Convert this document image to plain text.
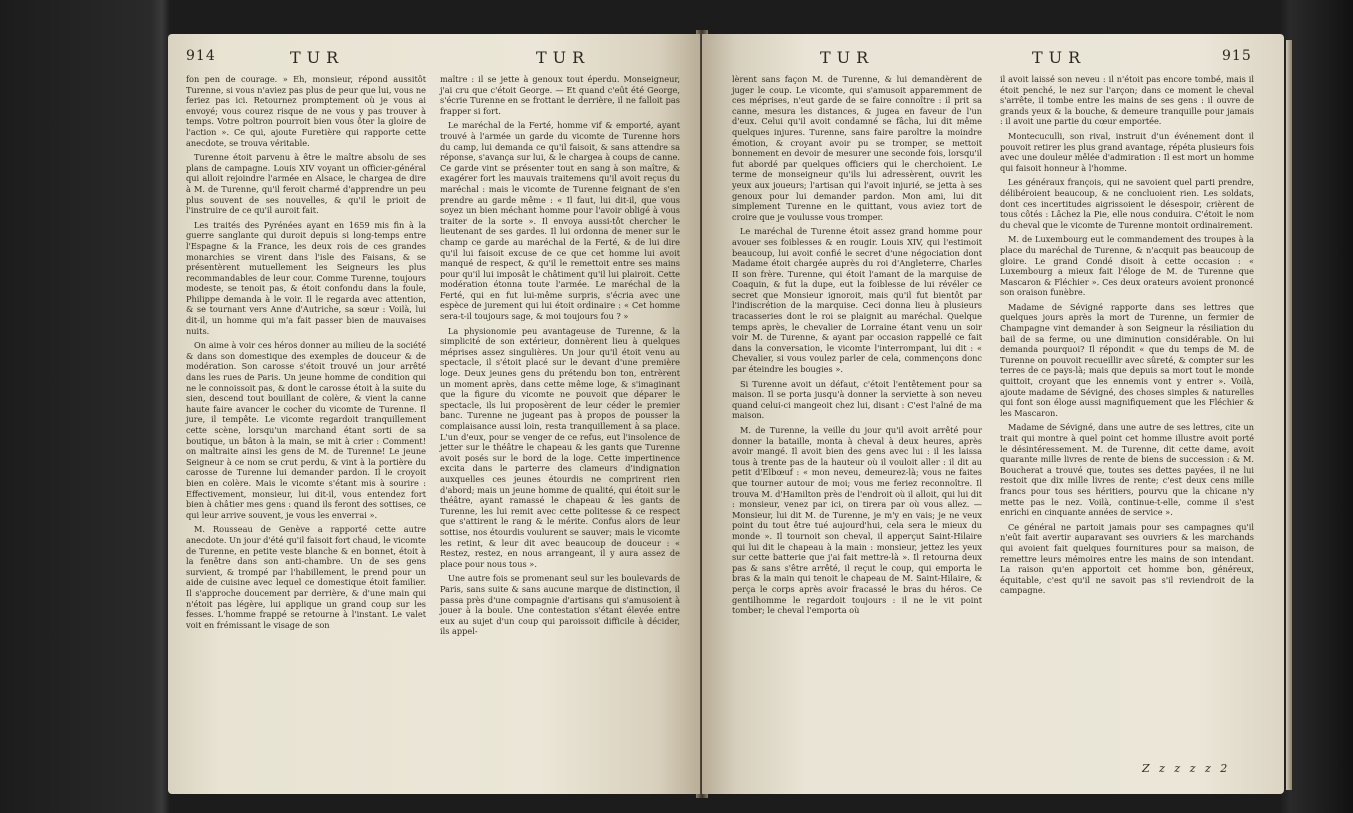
914	TUR	TUR

fon pen de courage. » Eh, monsieur, répond aussitôt Turenne, si vous n'aviez pas plus de peur que lui, vous ne feriez pas ici. Retournez promptement où je vous ai envoyé; vous courez risque de ne vous y pas trouver à temps. Votre poltron pourroit bien vous ôter la gloire de l'action ». Ce qui, ajoute Furetière qui rapporte cette anecdote, se trouva véritable.

Turenne étoit parvenu à être le maître absolu de ses plans de campagne. Louis XIV voyant un officier-général qui alloit rejoindre l'armée en Alsace, le chargea de dire à M. de Turenne, qu'il feroit charmé d'apprendre un peu plus souvent de ses nouvelles, & qu'il le prioit de l'instruire de ce qu'il auroit fait.

Les traités des Pyrénées ayant en 1659 mis fin à la guerre sanglante qui duroit depuis si long-temps entre l'Espagne & la France, les deux rois de ces grandes monarchies se virent dans l'isle des Faisans, & se présentèrent mutuellement les Seigneurs les plus recommandables de leur cour. Comme Turenne, toujours modeste, se tenoit pas, & étoit confondu dans la foule, Philippe demanda à le voir. Il le regarda avec attention, & se tournant vers Anne d'Autriche, sa sœur : Voilà, lui dit-il, un homme qui m'a fait passer bien de mauvaises nuits.

On aime à voir ces héros donner au milieu de la société & dans son domestique des exemples de douceur & de modération. Son carosse s'étoit trouvé un jour arrêté dans les rues de Paris. Un jeune homme de condition qui ne le connoissoit pas, & dont le carosse étoit à la suite du sien, descend tout bouillant de colère, & vient la canne haute faire avancer le cocher du vicomte de Turenne. Il jure, il tempête. Le vicomte regardoit tranquillement cette scène, lorsqu'un marchand étant sorti de sa boutique, un bâton à la main, se mit à crier : Comment! on maltraite ainsi les gens de M. de Turenne! Le jeune Seigneur à ce nom se crut perdu, & vint à la portière du carosse de Turenne lui demander pardon. Il le croyoit bien en colère. Mais le vicomte s'étant mis à sourire : Effectivement, monsieur, lui dit-il, vous entendez fort bien à châtier mes gens : quand ils feront des sottises, ce qui leur arrive souvent, je vous les enverrai ».

M. Rousseau de Genève a rapporté cette autre anecdote. Un jour d'été qu'il faisoit fort chaud, le vicomte de Turenne, en petite veste blanche & en bonnet, étoit à la fenêtre dans son anti-chambre. Un de ses gens survient, & trompé par l'habillement, le prend pour un aide de cuisine avec lequel ce domestique étoit familier. Il s'approche doucement par derrière, & d'une main qui n'étoit pas légère, lui applique un grand coup sur les fesses. L'homme frappé se retourne à l'instant. Le valet voit en frémissant le visage de son

maître : il se jette à genoux tout éperdu. Monseigneur, j'ai cru que c'étoit George. — Et quand c'eût été George, s'écrie Turenne en se frottant le derrière, il ne falloit pas frapper si fort.

Le maréchal de la Ferté, homme vif & emporté, ayant trouvé à l'armée un garde du vicomte de Turenne hors du camp, lui demanda ce qu'il faisoit, & sans attendre sa réponse, s'avança sur lui, & le chargea à coups de canne. Ce garde vint se présenter tout en sang à son maître, & exagérer fort les mauvais traitemens qu'il avoit reçus du maréchal : mais le vicomte de Turenne feignant de s'en prendre au garde même : « Il faut, lui dit-il, que vous soyez un bien méchant homme pour l'avoir obligé à vous traiter de la sorte ». Il envoya aussi-tôt chercher le lieutenant de ses gardes. Il lui ordonna de mener sur le champ ce garde au maréchal de la Ferté, & de lui dire qu'il lui faisoit excuse de ce que cet homme lui avoit manqué de respect, & qu'il le remettoit entre ses mains pour qu'il lui imposât le châtiment qu'il lui plairoit. Cette modération étonna toute l'armée. Le maréchal de la Ferté, qui en fut lui-même surpris, s'écria avec une espèce de jurement qui lui étoit ordinaire : « Cet homme sera-t-il toujours sage, & moi toujours fou ? »

La physionomie peu avantageuse de Turenne, & la simplicité de son extérieur, donnèrent lieu à quelques méprises assez singulières. Un jour qu'il étoit venu au spectacle, il s'étoit placé sur le devant d'une première loge. Deux jeunes gens du prétendu bon ton, entrèrent un moment après, dans cette même loge, & s'imaginant que la figure du vicomte ne pouvoit que déparer le spectacle, ils lui proposèrent de leur céder le premier banc. Turenne ne jugeant pas à propos de pousser la complaisance aussi loin, resta tranquillement à sa place. L'un d'eux, pour se venger de ce refus, eut l'insolence de jetter sur le théâtre le chapeau & les gants que Turenne avoit posés sur le bord de la loge. Cette impertinence excita dans le parterre des clameurs d'indignation auxquelles ces jeunes étourdis ne comprirent rien d'abord; mais un jeune homme de qualité, qui étoit sur le théâtre, ayant ramassé le chapeau & les gants de Turenne, les lui remit avec cette politesse & ce respect que s'attirent le rang & le mérite. Confus alors de leur sottise, nos étourdis voulurent se sauver; mais le vicomte les retint, & leur dit avec beaucoup de douceur : « Restez, restez, en nous arrangeant, il y aura assez de place pour nous tous ».

Une autre fois se promenant seul sur les boulevards de Paris, sans suite & sans aucune marque de distinction, il passa près d'une compagnie d'artisans qui s'amusoient à jouer à la boule. Une contestation s'étant élevée entre eux au sujet d'un coup qui paroissoit difficile à décider, ils appel-

TUR	TUR	915

lèrent sans façon M. de Turenne, & lui demandèrent de juger le coup. Le vicomte, qui s'amusoit apparemment de ces méprises, n'eut garde de se faire connoître : il prit sa canne, mesura les distances, & jugea en faveur de l'un d'eux. Celui qu'il avoit condamné se fâcha, lui dit même quelques injures. Turenne, sans faire paroître la moindre émotion, & croyant avoir pu se tromper, se mettoit bonnement en devoir de mesurer une seconde fois, lorsqu'il fut abordé par quelques officiers qui le cherchoient. Le terme de monseigneur qu'ils lui adressèrent, ouvrit les yeux aux joueurs; l'artisan qui l'avoit injurié, se jetta à ses genoux pour lui demander pardon. Mon ami, lui dit simplement Turenne en le quittant, vous aviez tort de croire que je voulusse vous tromper.

Le maréchal de Turenne étoit assez grand homme pour avouer ses foiblesses & en rougir. Louis XIV, qui l'estimoit beaucoup, lui avoit confié le secret d'une négociation dont Madame étoit chargée auprès du roi d'Angleterre, Charles II son frère. Turenne, qui étoit l'amant de la marquise de Coaquin, & fut la dupe, eut la foiblesse de lui révéler ce secret que Monsieur ignoroit, mais qu'il fut bientôt par l'indiscrétion de la marquise. Ceci donna lieu à plusieurs tracasseries dont le roi se plaignit au maréchal. Quelque temps après, le chevalier de Lorraine étant venu un soir voir M. de Turenne, & ayant par occasion rappellé ce fait dans la conversation, le vicomte l'interrompant, lui dit : « Chevalier, si vous voulez parler de cela, commençons donc par éteindre les bougies ».

Si Turenne avoit un défaut, c'étoit l'entêtement pour sa maison. Il se porta jusqu'à donner la serviette à son neveu quand celui-ci mangeoit chez lui, disant : C'est l'aîné de ma maison.

M. de Turenne, la veille du jour qu'il avoit arrêté pour donner la bataille, monta à cheval à deux heures, après avoir mangé. Il avoit bien des gens avec lui : il les laissa tous à trente pas de la hauteur où il vouloit aller : il dit au petit d'Elbœuf : « mon neveu, demeurez-là; vous ne faites que tourner autour de moi; vous me feriez reconnoître. Il trouva M. d'Hamilton près de l'endroit où il alloit, qui lui dit : monsieur, venez par ici, on tirera par où vous allez. — Monsieur, lui dit M. de Turenne, je m'y en vais; je ne veux point du tout être tué aujourd'hui, cela sera le mieux du monde ». Il tournoit son cheval, il apperçut Saint-Hilaire qui lui dit le chapeau à la main : monsieur, jettez les yeux sur cette batterie que j'ai fait mettre-là ». Il retourna deux pas & sans s'être arrêté, il reçut le coup, qui emporta le bras & la main qui tenoit le chapeau de M. Saint-Hilaire, & perça le corps après avoir fracassé le bras du héros. Ce gentilhomme le regardoit toujours : il ne le vit point tomber; le cheval l'emporta où

il avoit laissé son neveu : il n'étoit pas encore tombé, mais il étoit penché, le nez sur l'arçon; dans ce moment le cheval s'arrête, il tombe entre les mains de ses gens : il ouvre de grands yeux & la bouche, & demeure tranquille pour jamais : il avoit une partie du cœur emportée.

Montecuculli, son rival, instruit d'un événement dont il pouvoit retirer les plus grand avantage, répéta plusieurs fois avec une douleur mêlée d'admiration : Il est mort un homme qui faisoit honneur à l'homme.

Les généraux françois, qui ne savoient quel parti prendre, délibéroient beaucoup, & ne concluoient rien. Les soldats, dont ces incertitudes aigrissoient le désespoir, crièrent de tous côtés : Lâchez la Pie, elle nous conduira. C'étoit le nom du cheval que le vicomte de Turenne montoit ordinairement.

M. de Luxembourg eut le commandement des troupes à la place du maréchal de Turenne, & n'acquit pas beaucoup de gloire. Le grand Condé disoit à cette occasion : « Luxembourg a mieux fait l'éloge de M. de Turenne que Mascaron & Fléchier ». Ces deux orateurs avoient prononcé son oraison funèbre.

Madame de Sévigné rapporte dans ses lettres que quelques jours après la mort de Turenne, un fermier de Champagne vint demander à son Seigneur la résiliation du bail de sa ferme, ou une diminution considérable. On lui demanda pourquoi? Il répondit « que du temps de M. de Turenne on pouvoit recueillir avec sûreté, & compter sur les terres de ce pays-là; mais que depuis sa mort tout le monde quittoit, croyant que les ennemis vont y entrer ». Voilà, ajoute madame de Sévigné, des choses simples & naturelles qui font son éloge aussi magnifiquement que les Fléchier & les Mascaron.

Madame de Sévigné, dans une autre de ses lettres, cite un trait qui montre à quel point cet homme illustre avoit porté le désintéressement. M. de Turenne, dit cette dame, avoit quarante mille livres de rente de biens de succession : & M. Boucherat a trouvé que, toutes ses dettes payées, il ne lui restoit que dix mille livres de rente; c'est deux cens mille francs pour tous ses héritiers, pourvu que la chicane n'y mette pas le nez. Voilà, continue-t-elle, comme il s'est enrichi en cinquante années de service ».

Ce général ne partoit jamais pour ses campagnes qu'il n'eût fait avertir auparavant ses ouvriers & les marchands qui avoient fait quelques fournitures pour sa maison, de remettre leurs mémoires entre les mains de son intendant. La raison qu'en apportoit cet homme bon, généreux, équitable, c'est qu'il ne savoit pas s'il reviendroit de la campagne.

Z z z z z 2
